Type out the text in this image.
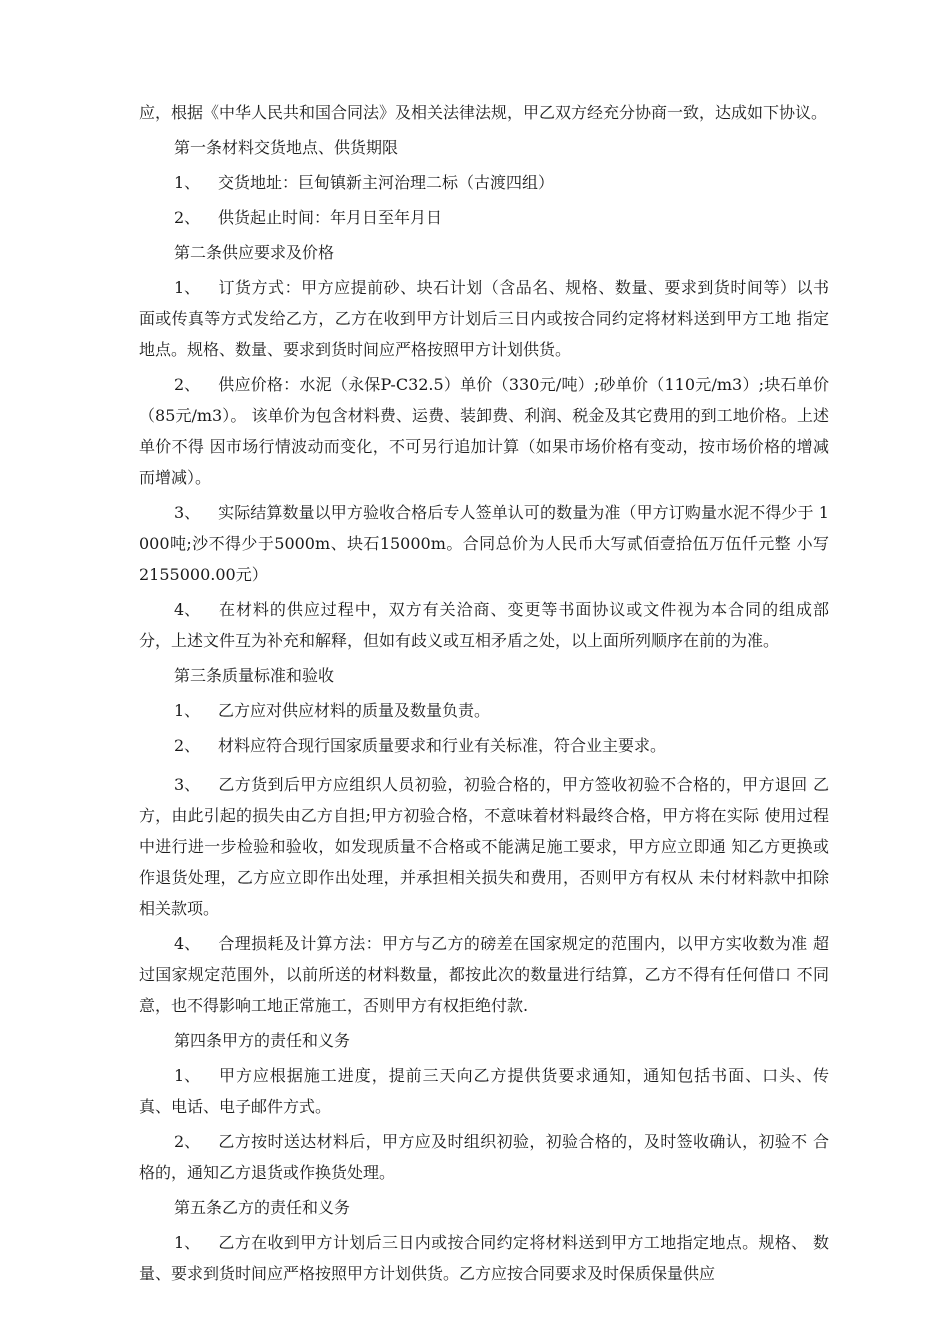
应，根据《中华人民共和国合同法》及相关法律法规，甲乙双方经充分协商一致，达成如下协议。

第一条材料交货地点、供货期限

1、 交货地址：巨甸镇新主河治理二标（古渡四组）

2、 供货起止时间：年月日至年月日

第二条供应要求及价格

1、 订货方式：甲方应提前砂、块石计划（含品名、规格、数量、要求到货时间等）以书 面或传真等方式发给乙方，乙方在收到甲方计划后三日内或按合同约定将材料送到甲方工地 指定地点。规格、数量、要求到货时间应严格按照甲方计划供货。

2、 供应价格：水泥（永保P-C32.5）单价（330元/吨）;砂单价（110元/m3）;块石单价（85元/m3）。 该单价为包含材料费、运费、装卸费、利润、税金及其它费用的到工地价格。上述单价不得 因市场行情波动而变化，不可另行追加计算（如果市场价格有变动，按市场价格的增减而增减）。

3、 实际结算数量以甲方验收合格后专人签单认可的数量为准（甲方订购量水泥不得少于 1000吨;沙不得少于5000m、块石15000m。合同总价为人民币大写贰佰壹拾伍万伍仟元整 小写 2155000.00元）

4、 在材料的供应过程中，双方有关洽商、变更等书面协议或文件视为本合同的组成部 分，上述文件互为补充和解释，但如有歧义或互相矛盾之处，以上面所列顺序在前的为准。

第三条质量标准和验收

1、 乙方应对供应材料的质量及数量负责。

2、 材料应符合现行国家质量要求和行业有关标准，符合业主要求。

3、 乙方货到后甲方应组织人员初验，初验合格的，甲方签收初验不合格的，甲方退回 乙方，由此引起的损失由乙方自担;甲方初验合格，不意味着材料最终合格，甲方将在实际 使用过程中进行进一步检验和验收，如发现质量不合格或不能满足施工要求，甲方应立即通 知乙方更换或作退货处理，乙方应立即作出处理，并承担相关损失和费用，否则甲方有权从 未付材料款中扣除相关款项。

4、 合理损耗及计算方法：甲方与乙方的磅差在国家规定的范围内，以甲方实收数为准 超过国家规定范围外，以前所送的材料数量，都按此次的数量进行结算，乙方不得有任何借口 不同意，也不得影响工地正常施工，否则甲方有权拒绝付款.

第四条甲方的责任和义务

1、 甲方应根据施工进度，提前三天向乙方提供货要求通知，通知包括书面、口头、传 真、电话、电子邮件方式。

2、 乙方按时送达材料后，甲方应及时组织初验，初验合格的，及时签收确认，初验不 合格的，通知乙方退货或作换货处理。

第五条乙方的责任和义务

1、 乙方在收到甲方计划后三日内或按合同约定将材料送到甲方工地指定地点。规格、 数量、要求到货时间应严格按照甲方计划供货。乙方应按合同要求及时保质保量供应
